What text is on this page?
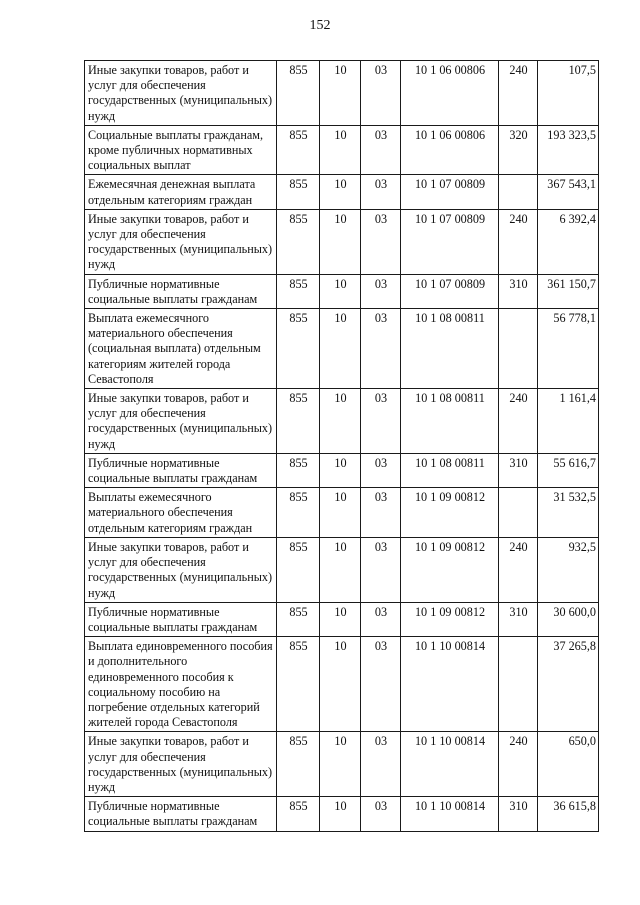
152
Иные закупки товаров, работ и услуг для обеспечения государственных (муниципальных) нужд	855	10	03	10 1 06 00806	240	107,5
Социальные выплаты гражданам, кроме публичных нормативных социальных выплат	855	10	03	10 1 06 00806	320	193 323,5
Ежемесячная денежная выплата отдельным категориям граждан	855	10	03	10 1 07 00809		367 543,1
Иные закупки товаров, работ и услуг для обеспечения государственных (муниципальных) нужд	855	10	03	10 1 07 00809	240	6 392,4
Публичные нормативные социальные выплаты гражданам	855	10	03	10 1 07 00809	310	361 150,7
Выплата ежемесячного материального обеспечения (социальная выплата) отдельным категориям жителей города Севастополя	855	10	03	10 1 08 00811		56 778,1
Иные закупки товаров, работ и услуг для обеспечения государственных (муниципальных) нужд	855	10	03	10 1 08 00811	240	1 161,4
Публичные нормативные социальные выплаты гражданам	855	10	03	10 1 08 00811	310	55 616,7
Выплаты ежемесячного материального обеспечения отдельным категориям граждан	855	10	03	10 1 09 00812		31 532,5
Иные закупки товаров, работ и услуг для обеспечения государственных (муниципальных) нужд	855	10	03	10 1 09 00812	240	932,5
Публичные нормативные социальные выплаты гражданам	855	10	03	10 1 09 00812	310	30 600,0
Выплата единовременного пособия и дополнительного единовременного пособия к социальному пособию на погребение отдельных категорий жителей города Севастополя	855	10	03	10 1 10 00814		37 265,8
Иные закупки товаров, работ и услуг для обеспечения государственных (муниципальных) нужд	855	10	03	10 1 10 00814	240	650,0
Публичные нормативные социальные выплаты гражданам	855	10	03	10 1 10 00814	310	36 615,8
